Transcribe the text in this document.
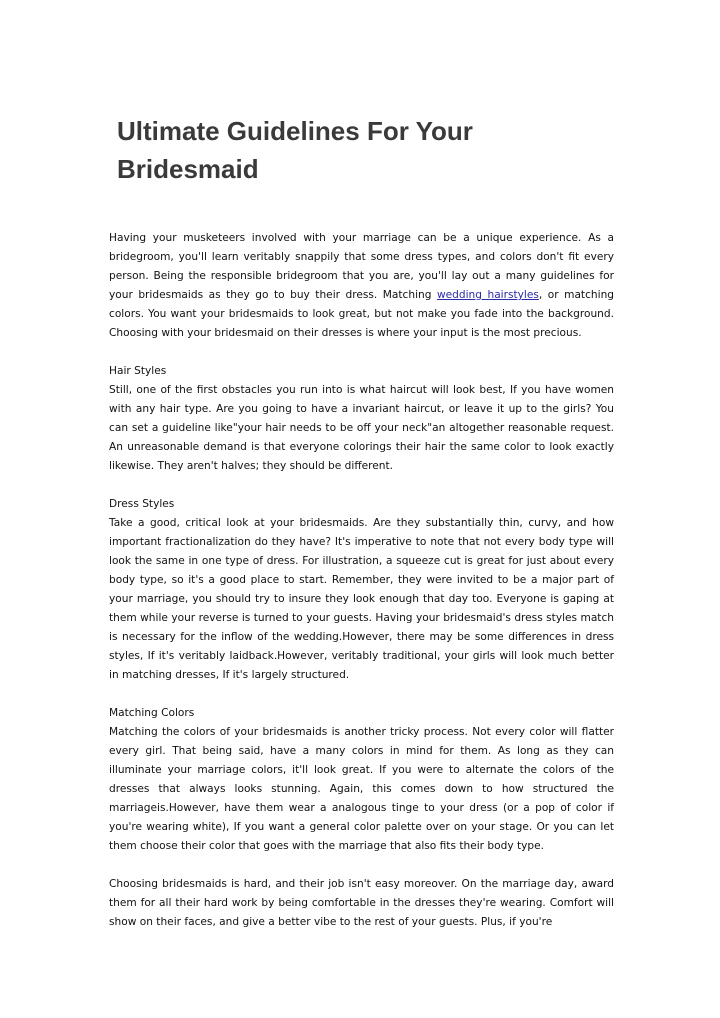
Ultimate Guidelines For Your Bridesmaid

Having your musketeers involved with your marriage can be a unique experience. As a bridegroom, you'll learn veritably snappily that some dress types, and colors don't fit every person. Being the responsible bridegroom that you are, you'll lay out a many guidelines for your bridesmaids as they go to buy their dress. Matching wedding hairstyles, or matching colors. You want your bridesmaids to look great, but not make you fade into the background. Choosing with your bridesmaid on their dresses is where your input is the most precious.

Hair Styles

Still, one of the first obstacles you run into is what haircut will look best, If you have women with any hair type. Are you going to have a invariant haircut, or leave it up to the girls? You can set a guideline like"your hair needs to be off your neck"an altogether reasonable request. An unreasonable demand is that everyone colorings their hair the same color to look exactly likewise. They aren't halves; they should be different.

Dress Styles

Take a good, critical look at your bridesmaids. Are they substantially thin, curvy, and how important fractionalization do they have? It's imperative to note that not every body type will look the same in one type of dress. For illustration, a squeeze cut is great for just about every body type, so it's a good place to start. Remember, they were invited to be a major part of your marriage, you should try to insure they look enough that day too. Everyone is gaping at them while your reverse is turned to your guests. Having your bridesmaid's dress styles match is necessary for the inflow of the wedding.However, there may be some differences in dress styles, If it's veritably laidback.However, veritably traditional, your girls will look much better in matching dresses, If it's largely structured.

Matching Colors

Matching the colors of your bridesmaids is another tricky process. Not every color will flatter every girl. That being said, have a many colors in mind for them. As long as they can illuminate your marriage colors, it'll look great. If you were to alternate the colors of the dresses that always looks stunning. Again, this comes down to how structured the marriageis.However, have them wear a analogous tinge to your dress (or a pop of color if you're wearing white), If you want a general color palette over on your stage. Or you can let them choose their color that goes with the marriage that also fits their body type.

Choosing bridesmaids is hard, and their job isn't easy moreover. On the marriage day, award them for all their hard work by being comfortable in the dresses they're wearing. Comfort will show on their faces, and give a better vibe to the rest of your guests. Plus, if you're
